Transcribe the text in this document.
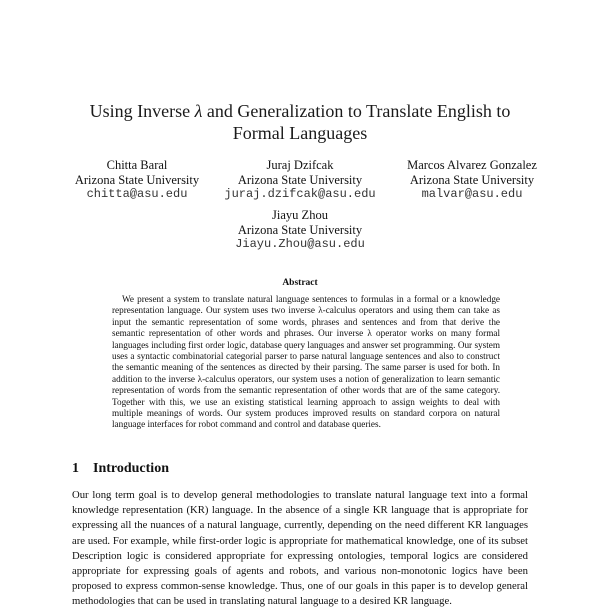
Using Inverse λ and Generalization to Translate English to
Formal Languages
Chitta Baral
Arizona State University
chitta@asu.edu
Juraj Dzifcak
Arizona State University
juraj.dzifcak@asu.edu
Marcos Alvarez Gonzalez
Arizona State University
malvar@asu.edu
Jiayu Zhou
Arizona State University
Jiayu.Zhou@asu.edu
Abstract
We present a system to translate natural language sentences to formulas in a formal or a knowledge representation language. Our system uses two inverse λ-calculus operators and using them can take as input the semantic representation of some words, phrases and sentences and from that derive the semantic representation of other words and phrases. Our inverse λ operator works on many formal languages including first order logic, database query languages and answer set programming. Our system uses a syntactic combinatorial categorial parser to parse natural language sentences and also to construct the semantic meaning of the sentences as directed by their parsing. The same parser is used for both. In addition to the inverse λ-calculus operators, our system uses a notion of generalization to learn semantic representation of words from the semantic representation of other words that are of the same category. Together with this, we use an existing statistical learning approach to assign weights to deal with multiple meanings of words. Our system produces improved results on standard corpora on natural language interfaces for robot command and control and database queries.
1 Introduction
Our long term goal is to develop general methodologies to translate natural language text into a formal knowledge representation (KR) language. In the absence of a single KR language that is appropriate for expressing all the nuances of a natural language, currently, depending on the need different KR languages are used. For example, while first-order logic is appropriate for mathematical knowledge, one of its subset Description logic is considered appropriate for expressing ontologies, temporal logics are considered appropriate for expressing goals of agents and robots, and various non-monotonic logics have been proposed to express common-sense knowledge. Thus, one of our goals in this paper is to develop general methodologies that can be used in translating natural language to a desired KR language.
